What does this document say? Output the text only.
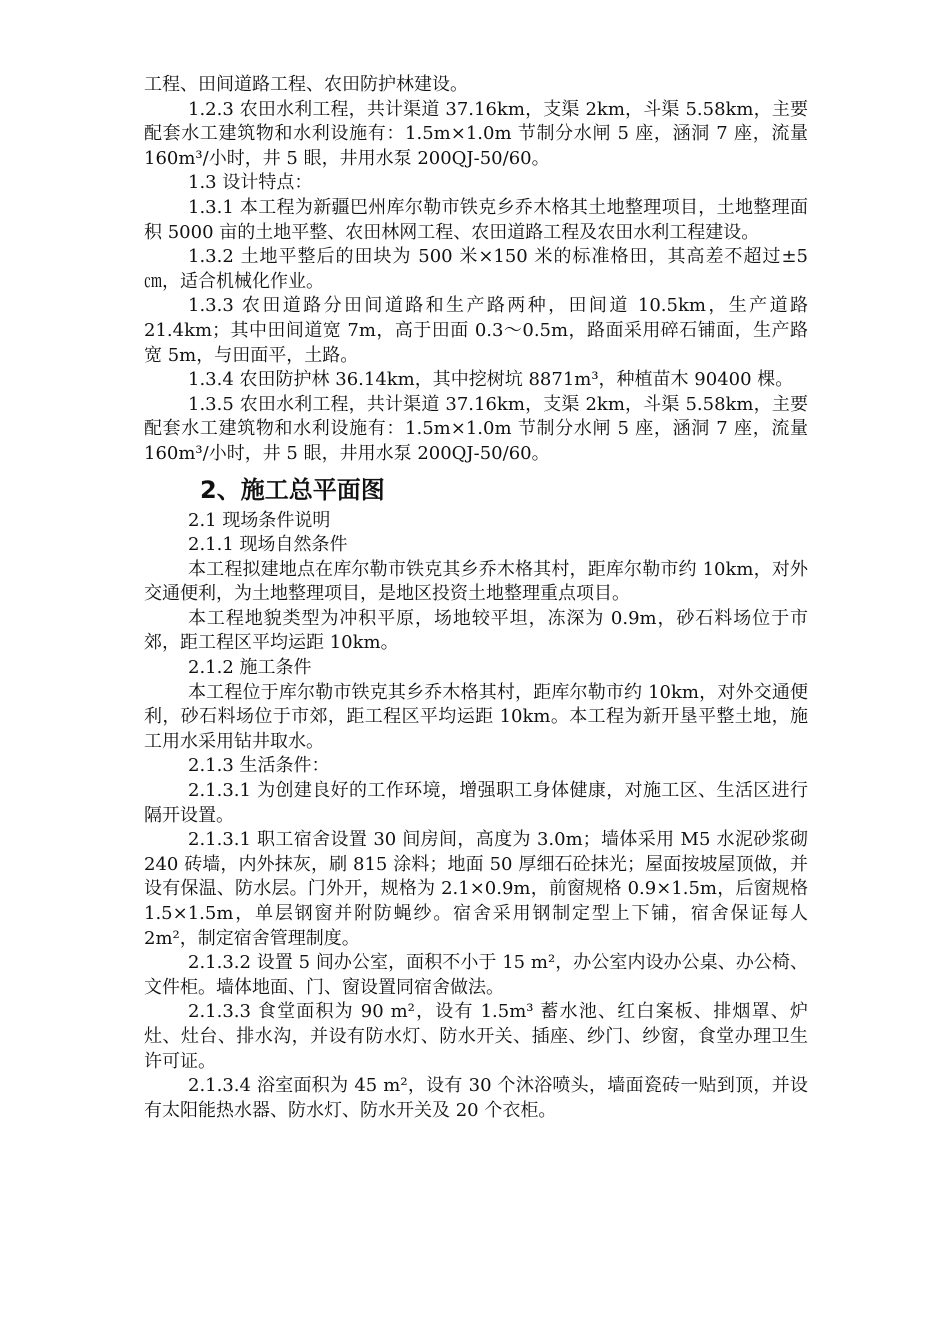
工程、田间道路工程、农田防护林建设。

1.2.3 农田水利工程，共计渠道 37.16km，支渠 2km，斗渠 5.58km，主要配套水工建筑物和水利设施有：1.5m×1.0m 节制分水闸 5 座，涵洞 7 座，流量 160m³/小时，井 5 眼，井用水泵 200QJ-50/60。

1.3 设计特点：

1.3.1 本工程为新疆巴州库尔勒市铁克乡乔木格其土地整理项目，土地整理面积 5000 亩的土地平整、农田林网工程、农田道路工程及农田水利工程建设。

1.3.2 土地平整后的田块为 500 米×150 米的标准格田，其高差不超过±5㎝，适合机械化作业。

1.3.3 农田道路分田间道路和生产路两种，田间道 10.5km，生产道路 21.4km；其中田间道宽 7m，高于田面 0.3～0.5m，路面采用碎石铺面，生产路宽 5m，与田面平，土路。

1.3.4 农田防护林 36.14km，其中挖树坑 8871m³，种植苗木 90400 棵。

1.3.5 农田水利工程，共计渠道 37.16km，支渠 2km，斗渠 5.58km，主要配套水工建筑物和水利设施有：1.5m×1.0m 节制分水闸 5 座，涵洞 7 座，流量 160m³/小时，井 5 眼，井用水泵 200QJ-50/60。

2、施工总平面图

2.1 现场条件说明

2.1.1 现场自然条件

本工程拟建地点在库尔勒市铁克其乡乔木格其村，距库尔勒市约 10km，对外交通便利，为土地整理项目，是地区投资土地整理重点项目。

本工程地貌类型为冲积平原，场地较平坦，冻深为 0.9m，砂石料场位于市郊，距工程区平均运距 10km。

2.1.2 施工条件

本工程位于库尔勒市铁克其乡乔木格其村，距库尔勒市约 10km，对外交通便利，砂石料场位于市郊，距工程区平均运距 10km。本工程为新开垦平整土地，施工用水采用钻井取水。

2.1.3 生活条件：

2.1.3.1 为创建良好的工作环境，增强职工身体健康，对施工区、生活区进行隔开设置。

2.1.3.1 职工宿舍设置 30 间房间，高度为 3.0m；墙体采用 M5 水泥砂浆砌 240 砖墙，内外抹灰，刷 815 涂料；地面 50 厚细石砼抹光；屋面按坡屋顶做，并设有保温、防水层。门外开，规格为 2.1×0.9m，前窗规格 0.9×1.5m，后窗规格 1.5×1.5m，单层钢窗并附防蝇纱。宿舍采用钢制定型上下铺，宿舍保证每人 2m²，制定宿舍管理制度。

2.1.3.2 设置 5 间办公室，面积不小于 15 m²，办公室内设办公桌、办公椅、文件柜。墙体地面、门、窗设置同宿舍做法。

2.1.3.3 食堂面积为 90 m²，设有 1.5m³ 蓄水池、红白案板、排烟罩、炉灶、灶台、排水沟，并设有防水灯、防水开关、插座、纱门、纱窗，食堂办理卫生许可证。

2.1.3.4 浴室面积为 45 m²，设有 30 个沐浴喷头，墙面瓷砖一贴到顶，并设有太阳能热水器、防水灯、防水开关及 20 个衣柜。
